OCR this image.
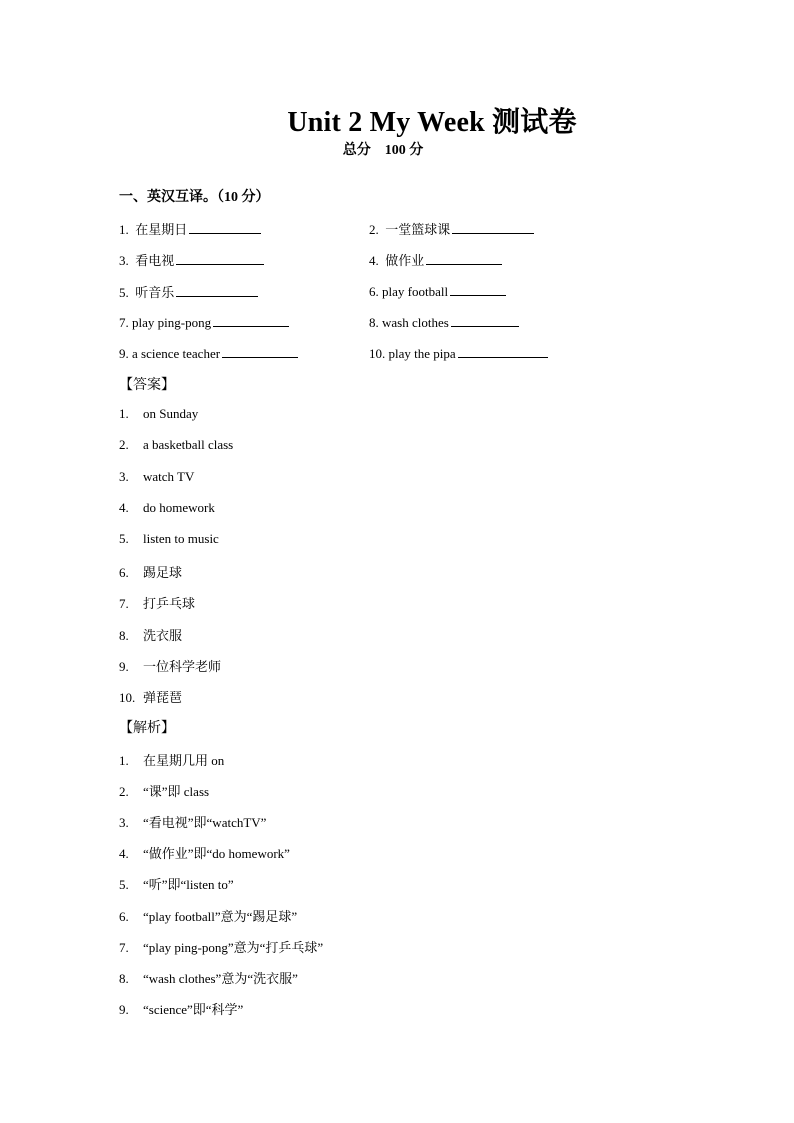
Unit 2 My Week 测试卷
总分    100 分
一、英汉互译。（10 分）
1.  在星期日	2.  一堂篮球课
3.  看电视	4.  做作业
5.  听音乐	6. play football
7. play ping-pong	8. wash clothes
9. a science teacher	10. play the pipa
【答案】
1. on Sunday
2. a basketball class
3. watch TV
4. do homework
5. listen to music
6. 踢足球
7. 打乒乓球
8. 洗衣服
9. 一位科学老师
10. 弹琵琶
【解析】
1. 在星期几用 on
2. “课”即 class
3. “看电视”即“watchTV”
4. “做作业”即“do homework”
5. “听”即“listen to”
6. “play football”意为“踢足球”
7. “play ping-pong”意为“打乒乓球”
8. “wash clothes”意为“洗衣服”
9. “science”即“科学”
